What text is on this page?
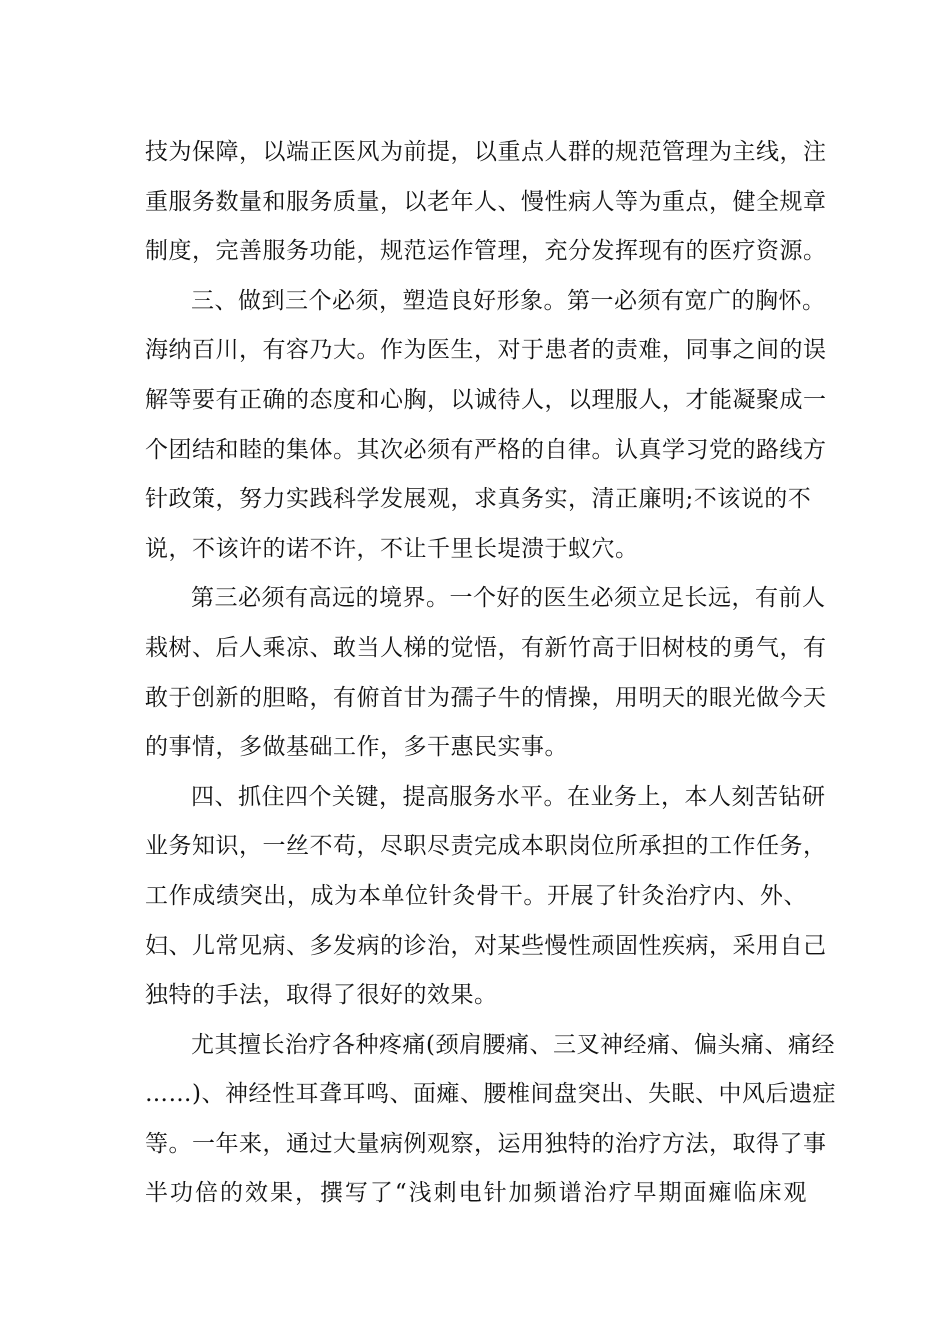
技为保障，以端正医风为前提，以重点人群的规范管理为主线，注
重服务数量和服务质量，以老年人、慢性病人等为重点，健全规章
制度，完善服务功能，规范运作管理，充分发挥现有的医疗资源。
三、做到三个必须，塑造良好形象。第一必须有宽广的胸怀。
海纳百川，有容乃大。作为医生，对于患者的责难，同事之间的误
解等要有正确的态度和心胸，以诚待人，以理服人，才能凝聚成一
个团结和睦的集体。其次必须有严格的自律。认真学习党的路线方
针政策，努力实践科学发展观，求真务实，清正廉明;不该说的不
说，不该许的诺不许，不让千里长堤溃于蚁穴。
第三必须有高远的境界。一个好的医生必须立足长远，有前人
栽树、后人乘凉、敢当人梯的觉悟，有新竹高于旧树枝的勇气，有
敢于创新的胆略，有俯首甘为孺子牛的情操，用明天的眼光做今天
的事情，多做基础工作，多干惠民实事。
四、抓住四个关键，提高服务水平。在业务上，本人刻苦钻研
业务知识，一丝不苟，尽职尽责完成本职岗位所承担的工作任务，
工作成绩突出，成为本单位针灸骨干。开展了针灸治疗内、外、
妇、儿常见病、多发病的诊治，对某些慢性顽固性疾病，采用自己
独特的手法，取得了很好的效果。
尤其擅长治疗各种疼痛(颈肩腰痛、三叉神经痛、偏头痛、痛经
……)、神经性耳聋耳鸣、面瘫、腰椎间盘突出、失眠、中风后遗症
等。一年来，通过大量病例观察，运用独特的治疗方法，取得了事
半功倍的效果，撰写了“浅刺电针加频谱治疗早期面瘫临床观
